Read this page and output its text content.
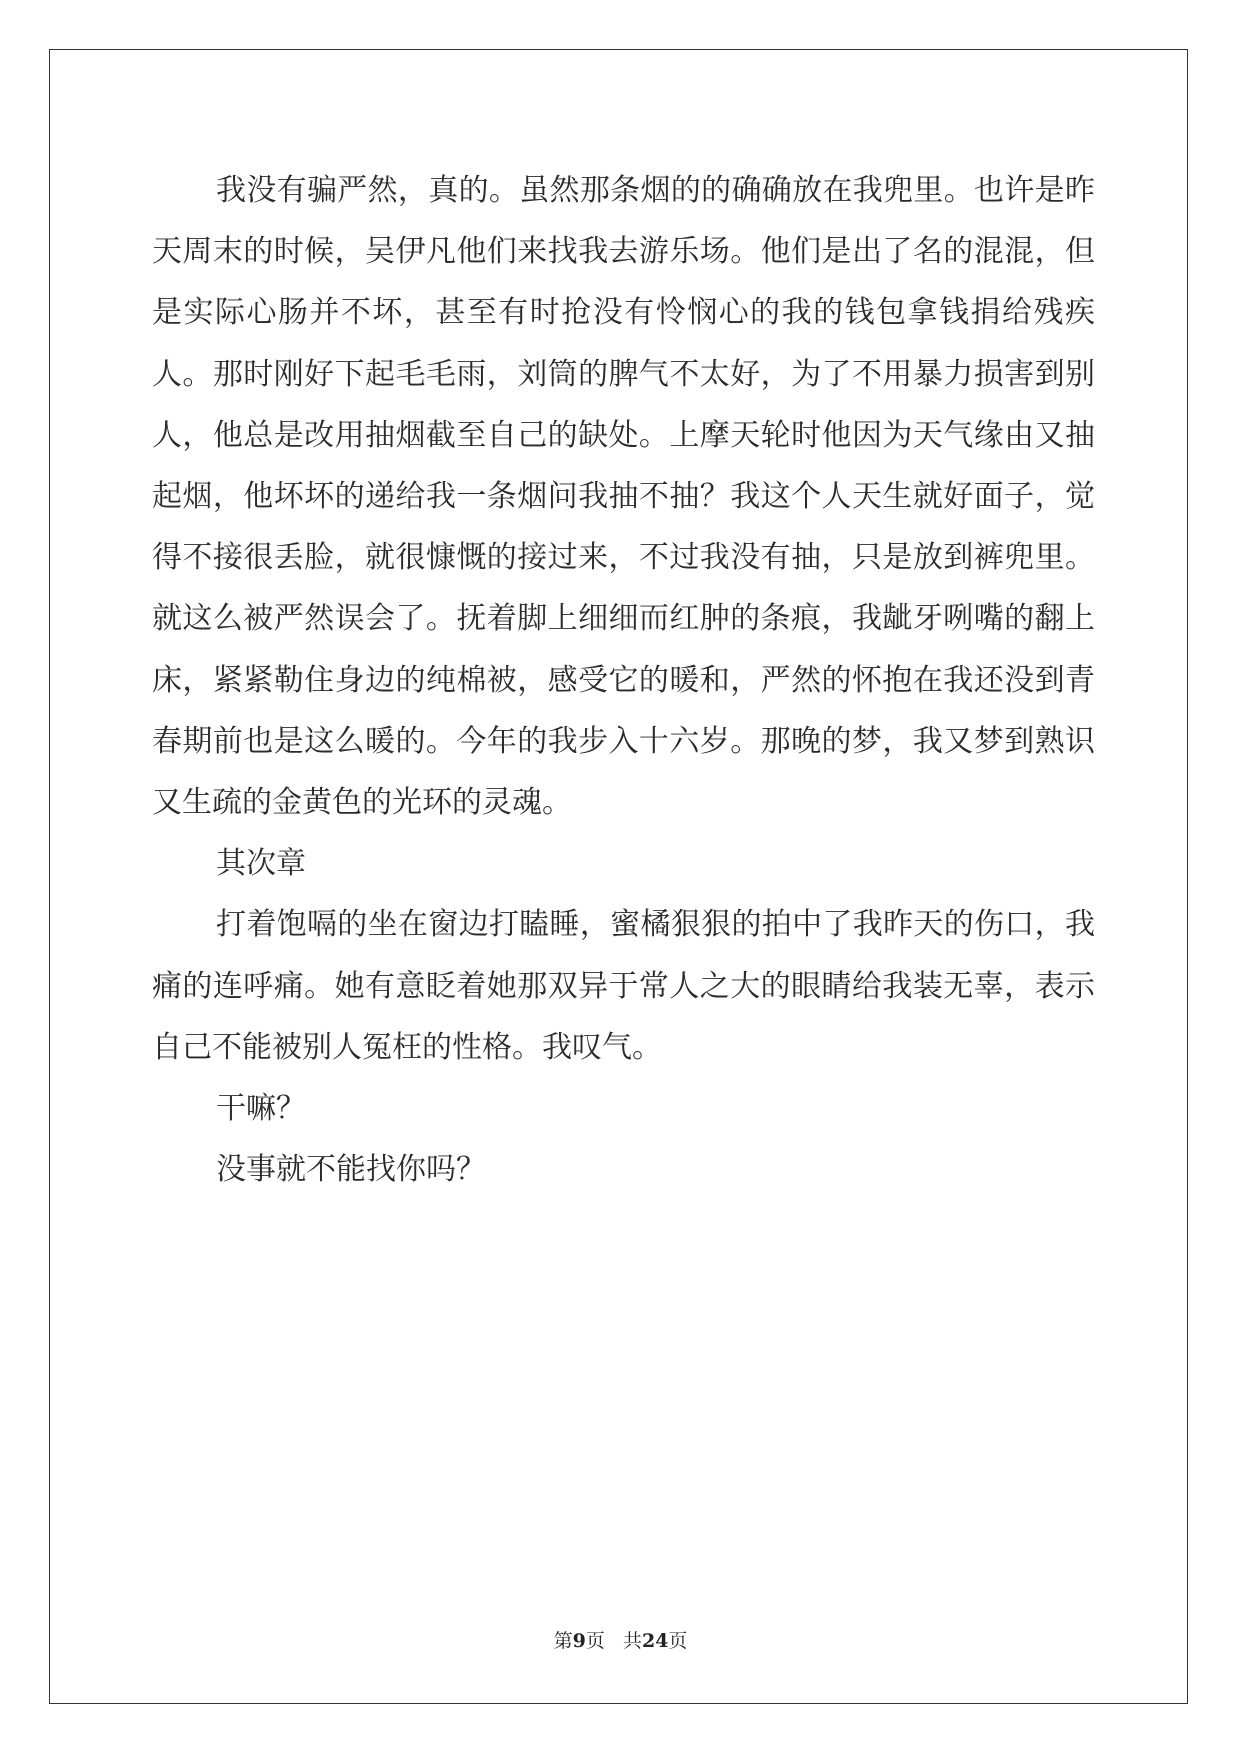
我没有骗严然，真的。虽然那条烟的的确确放在我兜里。也许是昨天周末的时候，吴伊凡他们来找我去游乐场。他们是出了名的混混，但是实际心肠并不坏，甚至有时抢没有怜悯心的我的钱包拿钱捐给残疾人。那时刚好下起毛毛雨，刘筒的脾气不太好，为了不用暴力损害到别人，他总是改用抽烟截至自己的缺处。上摩天轮时他因为天气缘由又抽起烟，他坏坏的递给我一条烟问我抽不抽？我这个人天生就好面子，觉得不接很丢脸，就很慷慨的接过来，不过我没有抽，只是放到裤兜里。就这么被严然误会了。抚着脚上细细而红肿的条痕，我龇牙咧嘴的翻上床，紧紧勒住身边的纯棉被，感受它的暖和，严然的怀抱在我还没到青春期前也是这么暖的。今年的我步入十六岁。那晚的梦，我又梦到熟识又生疏的金黄色的光环的灵魂。

其次章

打着饱嗝的坐在窗边打瞌睡，蜜橘狠狠的拍中了我昨天的伤口，我痛的连呼痛。她有意眨着她那双异于常人之大的眼睛给我装无辜，表示自己不能被别人冤枉的性格。我叹气。

干嘛？

没事就不能找你吗？

第9页 共24页
